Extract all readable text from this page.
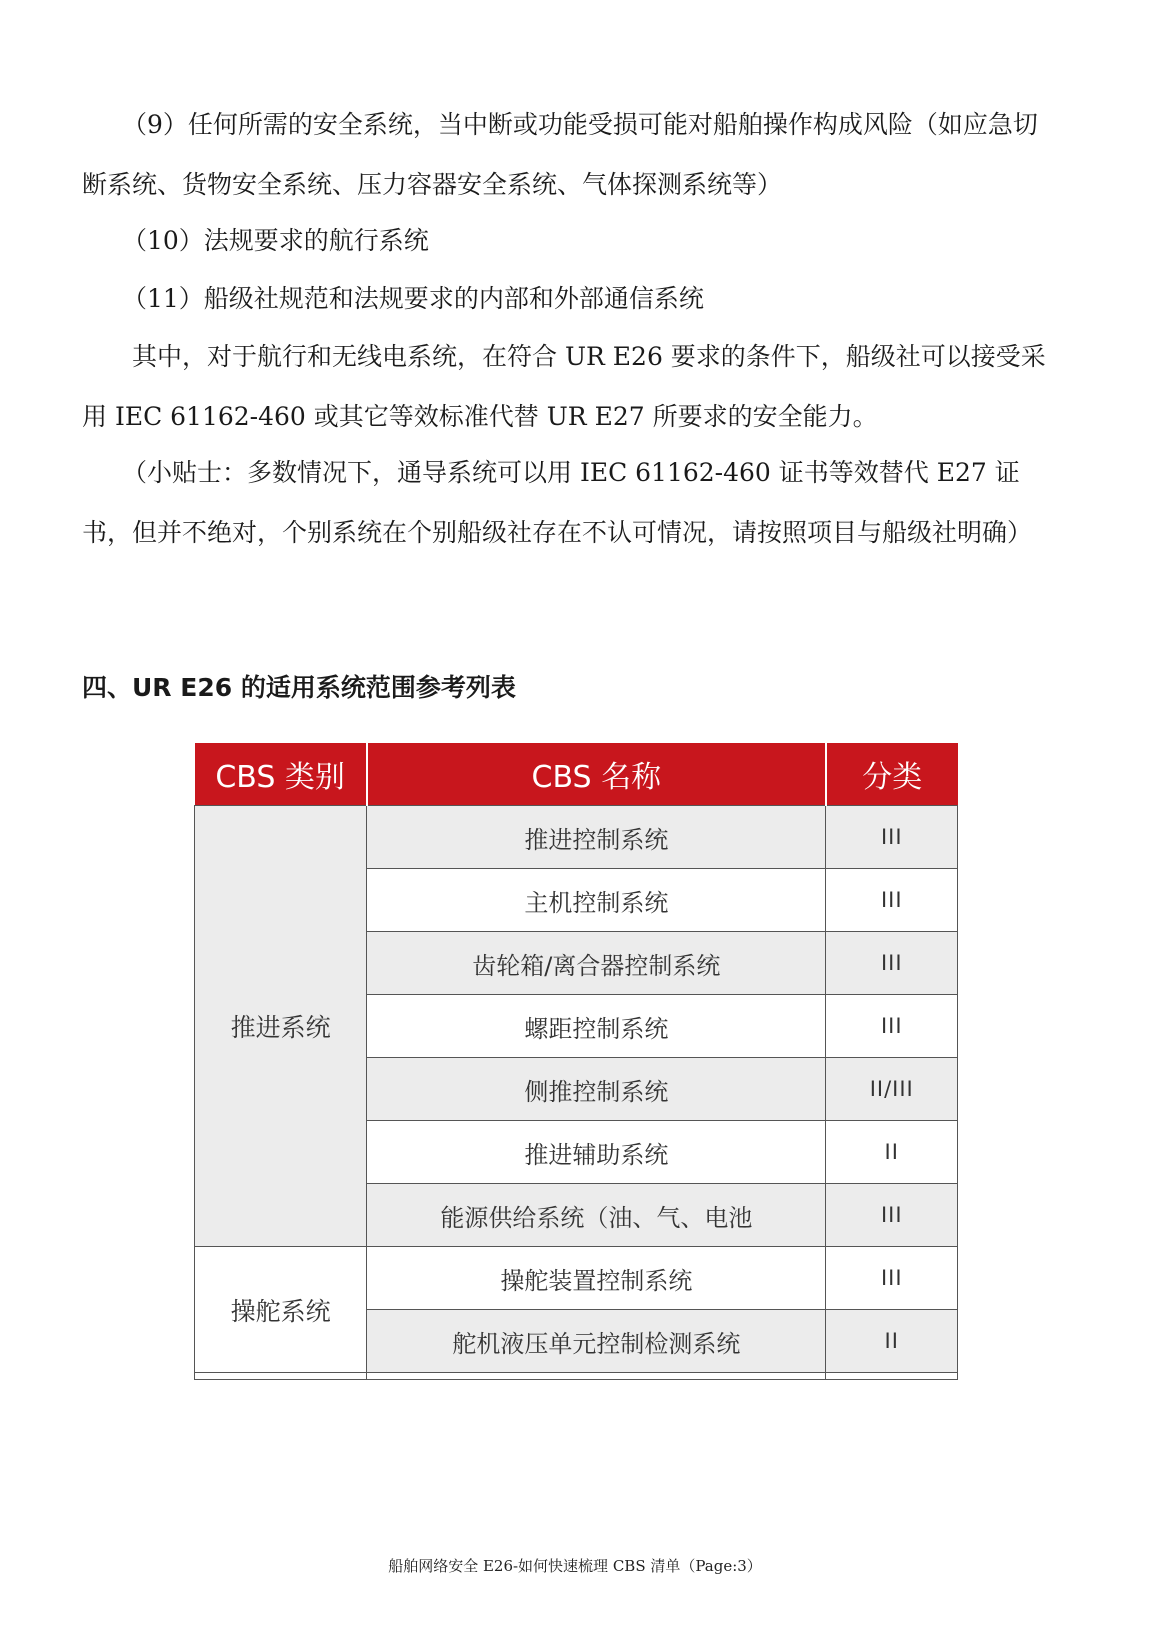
（9）任何所需的安全系统，当中断或功能受损可能对船舶操作构成风险（如应急切断系统、货物安全系统、压力容器安全系统、气体探测系统等）

（10）法规要求的航行系统

（11）船级社规范和法规要求的内部和外部通信系统

其中，对于航行和无线电系统，在符合 UR E26 要求的条件下，船级社可以接受采用 IEC 61162-460 或其它等效标准代替 UR E27 所要求的安全能力。

（小贴士：多数情况下，通导系统可以用 IEC 61162-460 证书等效替代 E27 证书，但并不绝对，个别系统在个别船级社存在不认可情况，请按照项目与船级社明确）

四、UR E26 的适用系统范围参考列表
CBS 类别	CBS 名称	分类
推进系统	推进控制系统	III
	主机控制系统	III
	齿轮箱/离合器控制系统	III
	螺距控制系统	III
	侧推控制系统	II/III
	推进辅助系统	II
	能源供给系统（油、气、电池	III
操舵系统	操舵装置控制系统	III
	舵机液压单元控制检测系统	II

船舶网络安全 E26-如何快速梳理 CBS 清单（Page:3）
